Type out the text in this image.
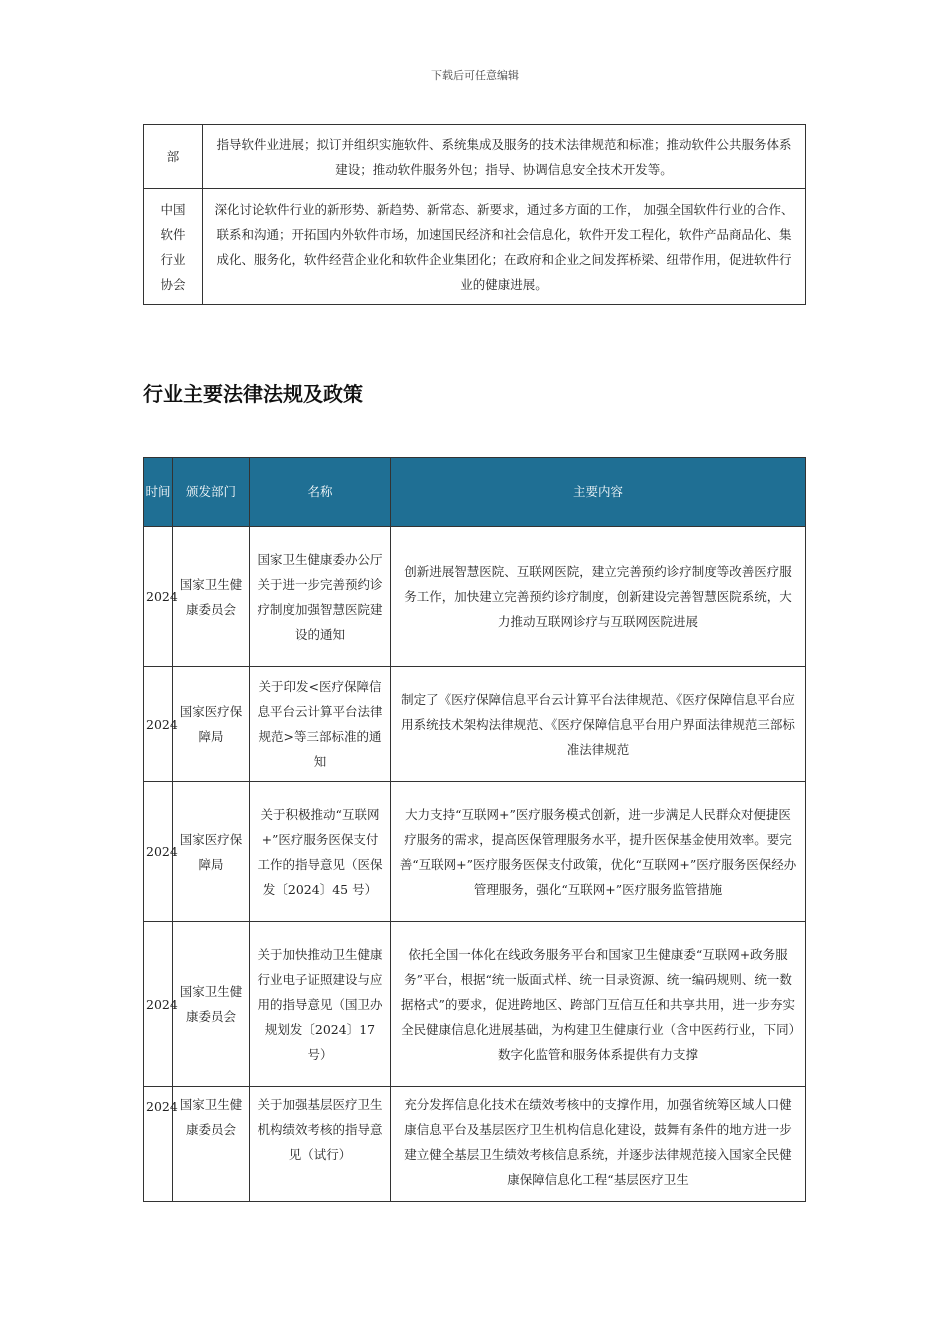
下载后可任意编辑
部	指导软件业进展；拟订并组织实施软件、系统集成及服务的技术法律规范和标准；推动软件公共服务体系建设；推动软件服务外包；指导、协调信息安全技术开发等。
中国软件行业协会	深化讨论软件行业的新形势、新趋势、新常态、新要求，通过多方面的工作， 加强全国软件行业的合作、联系和沟通；开拓国内外软件市场，加速国民经济和社会信息化，软件开发工程化，软件产品商品化、集成化、服务化，软件经营企业化和软件企业集团化；在政府和企业之间发挥桥梁、纽带作用，促进软件行业的健康进展。
行业主要法律法规及政策
时间	颁发部门	名称	主要内容
2024	国家卫生健康委员会	国家卫生健康委办公厅关于进一步完善预约诊疗制度加强智慧医院建设的通知	创新进展智慧医院、互联网医院，建立完善预约诊疗制度等改善医疗服务工作，加快建立完善预约诊疗制度，创新建设完善智慧医院系统，大力推动互联网诊疗与互联网医院进展
2024	国家医疗保障局	关于印发<医疗保障信息平台云计算平台法律规范>等三部标准的通知	制定了《医疗保障信息平台云计算平台法律规范、《医疗保障信息平台应用系统技术架构法律规范、《医疗保障信息平台用户界面法律规范三部标准法律规范
2024	国家医疗保障局	关于积极推动“互联网+”医疗服务医保支付工作的指导意见（医保发〔2024〕45 号）	大力支持“互联网+”医疗服务模式创新，进一步满足人民群众对便捷医疗服务的需求，提高医保管理服务水平，提升医保基金使用效率。要完善“互联网+”医疗服务医保支付政策，优化“互联网+”医疗服务医保经办管理服务，强化“互联网+”医疗服务监管措施
2024	国家卫生健康委员会	关于加快推动卫生健康行业电子证照建设与应用的指导意见（国卫办规划发〔2024〕17 号）	依托全国一体化在线政务服务平台和国家卫生健康委“互联网+政务服务”平台，根据“统一版面式样、统一目录资源、统一编码规则、统一数据格式”的要求，促进跨地区、跨部门互信互任和共享共用，进一步夯实全民健康信息化进展基础，为构建卫生健康行业（含中医药行业，下同）数字化监管和服务体系提供有力支撑
2024	国家卫生健康委员会	关于加强基层医疗卫生机构绩效考核的指导意见（试行）	充分发挥信息化技术在绩效考核中的支撑作用，加强省统筹区域人口健康信息平台及基层医疗卫生机构信息化建设，鼓舞有条件的地方进一步建立健全基层卫生绩效考核信息系统，并逐步法律规范接入国家全民健康保障信息化工程“基层医疗卫生
